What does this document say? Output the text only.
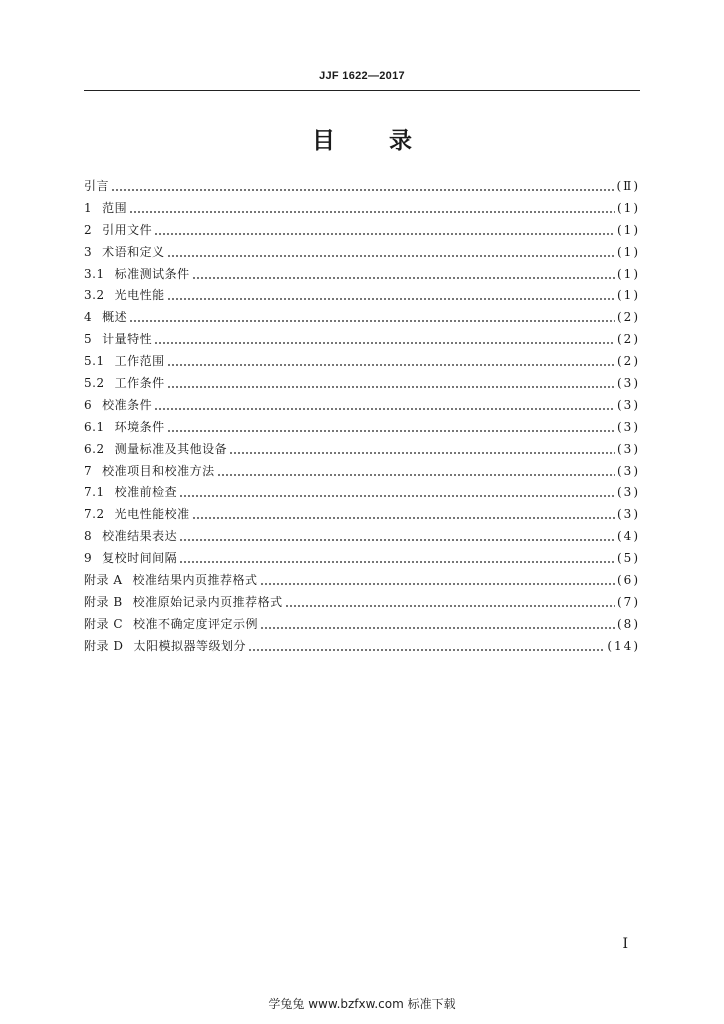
JJF 1622—2017
目 录
引言	(Ⅱ)
1 范围	(1)
2 引用文件	(1)
3 术语和定义	(1)
3.1 标准测试条件	(1)
3.2 光电性能	(1)
4 概述	(2)
5 计量特性	(2)
5.1 工作范围	(2)
5.2 工作条件	(3)
6 校准条件	(3)
6.1 环境条件	(3)
6.2 测量标准及其他设备	(3)
7 校准项目和校准方法	(3)
7.1 校准前检查	(3)
7.2 光电性能校准	(3)
8 校准结果表达	(4)
9 复校时间间隔	(5)
附录 A 校准结果内页推荐格式	(6)
附录 B 校准原始记录内页推荐格式	(7)
附录 C 校准不确定度评定示例	(8)
附录 D 太阳模拟器等级划分	(14)
I
学兔兔 www.bzfxw.com 标准下载
